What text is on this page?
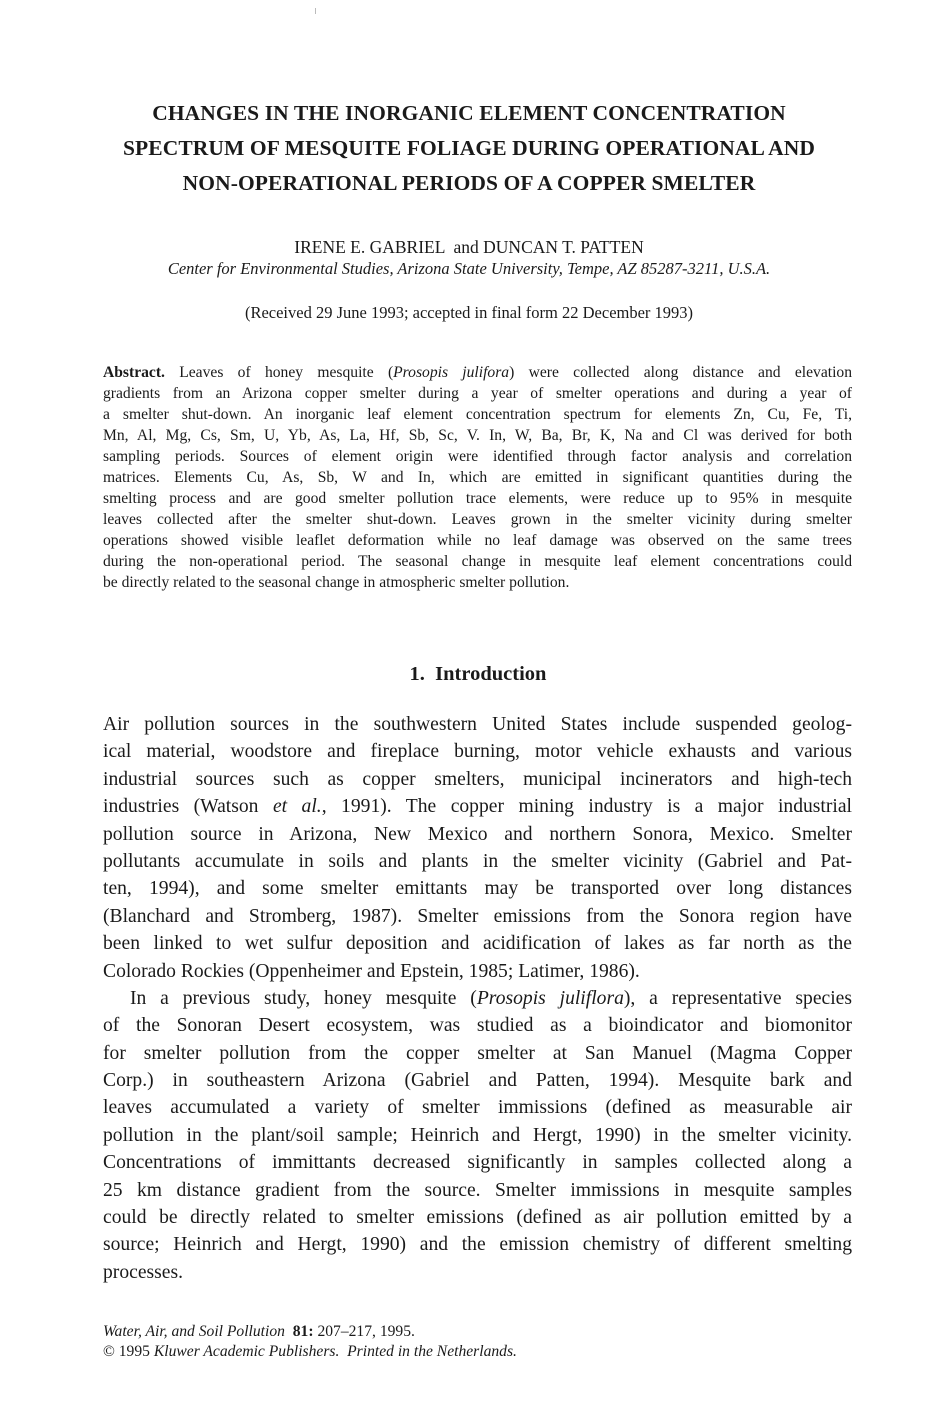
CHANGES IN THE INORGANIC ELEMENT CONCENTRATION
SPECTRUM OF MESQUITE FOLIAGE DURING OPERATIONAL AND
NON-OPERATIONAL PERIODS OF A COPPER SMELTER
IRENE E. GABRIEL  and DUNCAN T. PATTEN
Center for Environmental Studies, Arizona State University, Tempe, AZ 85287-3211, U.S.A.
(Received 29 June 1993; accepted in final form 22 December 1993)
Abstract. Leaves of honey mesquite (Prosopis julifora) were collected along distance and elevation
gradients from an Arizona copper smelter during a year of smelter operations and during a year of
a smelter shut-down. An inorganic leaf element concentration spectrum for elements Zn, Cu, Fe, Ti,
Mn, Al, Mg, Cs, Sm, U, Yb, As, La, Hf, Sb, Sc, V. In, W, Ba, Br, K, Na and Cl was derived for both
sampling periods. Sources of element origin were identified through factor analysis and correlation
matrices. Elements Cu, As, Sb, W and In, which are emitted in significant quantities during the
smelting process and are good smelter pollution trace elements, were reduce up to 95% in mesquite
leaves collected after the smelter shut-down. Leaves grown in the smelter vicinity during smelter
operations showed visible leaflet deformation while no leaf damage was observed on the same trees
during the non-operational period. The seasonal change in mesquite leaf element concentrations could
be directly related to the seasonal change in atmospheric smelter pollution.
1. Introduction
Air pollution sources in the southwestern United States include suspended geolog-
ical material, woodstore and fireplace burning, motor vehicle exhausts and various
industrial sources such as copper smelters, municipal incinerators and high-tech
industries (Watson et al., 1991). The copper mining industry is a major industrial
pollution source in Arizona, New Mexico and northern Sonora, Mexico. Smelter
pollutants accumulate in soils and plants in the smelter vicinity (Gabriel and Pat-
ten, 1994), and some smelter emittants may be transported over long distances
(Blanchard and Stromberg, 1987). Smelter emissions from the Sonora region have
been linked to wet sulfur deposition and acidification of lakes as far north as the
Colorado Rockies (Oppenheimer and Epstein, 1985; Latimer, 1986).
In a previous study, honey mesquite (Prosopis juliflora), a representative species
of the Sonoran Desert ecosystem, was studied as a bioindicator and biomonitor
for smelter pollution from the copper smelter at San Manuel (Magma Copper
Corp.) in southeastern Arizona (Gabriel and Patten, 1994). Mesquite bark and
leaves accumulated a variety of smelter immissions (defined as measurable air
pollution in the plant/soil sample; Heinrich and Hergt, 1990) in the smelter vicinity.
Concentrations of immittants decreased significantly in samples collected along a
25 km distance gradient from the source. Smelter immissions in mesquite samples
could be directly related to smelter emissions (defined as air pollution emitted by a
source; Heinrich and Hergt, 1990) and the emission chemistry of different smelting
processes.
Water, Air, and Soil Pollution 81: 207–217, 1995.
© 1995 Kluwer Academic Publishers.  Printed in the Netherlands.
